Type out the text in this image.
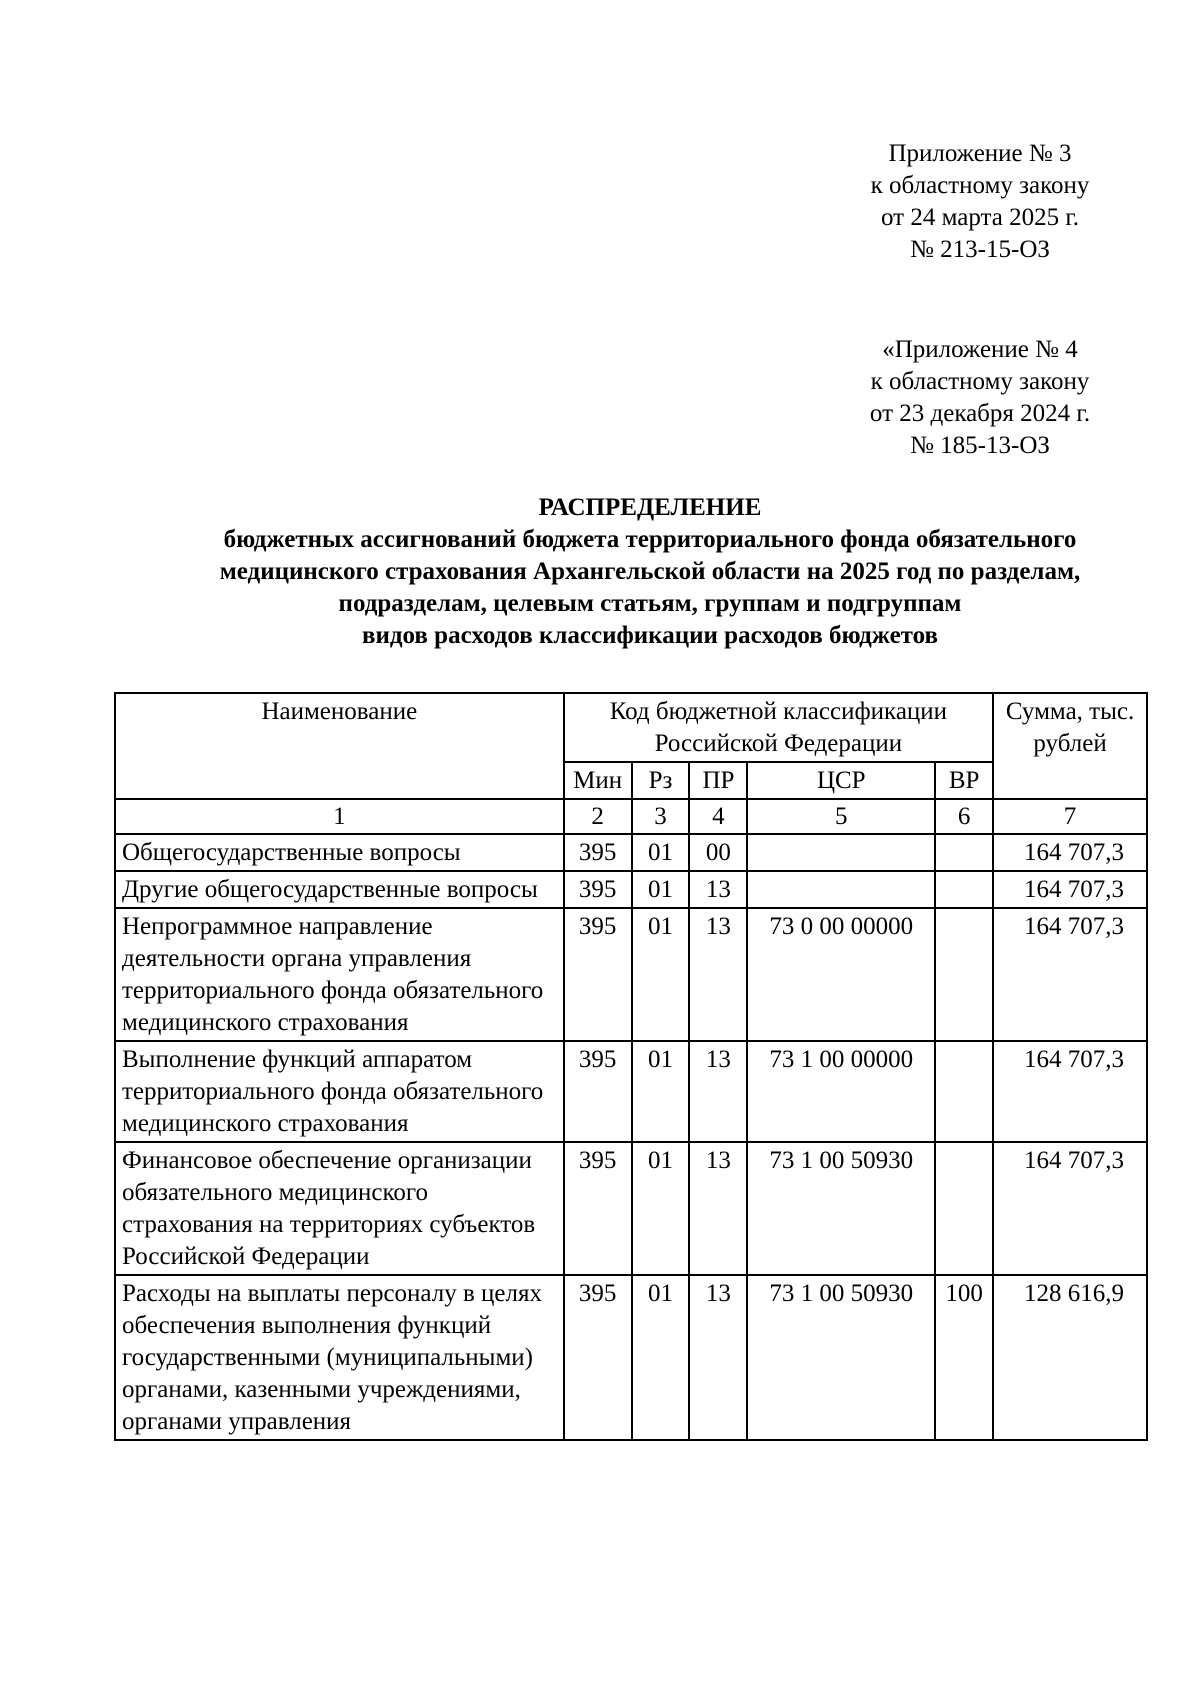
Приложение № 3
к областному закону
от 24 марта 2025 г.
№ 213-15-ОЗ
«Приложение № 4
к областному закону
от 23 декабря 2024 г.
№ 185-13-ОЗ
РАСПРЕДЕЛЕНИЕ
бюджетных ассигнований бюджета территориального фонда обязательного
медицинского страхования Архангельской области на 2025 год по разделам,
подразделам, целевым статьям, группам и подгруппам
видов расходов классификации расходов бюджетов
Наименование	Код бюджетной классификации Российской Федерации					Сумма, тыс. рублей
	Мин	Рз	ПР	ЦСР	ВР	
1	2	3	4	5	6	7
Общегосударственные вопросы	395	01	00			164 707,3
Другие общегосударственные вопросы	395	01	13			164 707,3
Непрограммное направление деятельности органа управления территориального фонда обязательного медицинского страхования	395	01	13	73 0 00 00000		164 707,3
Выполнение функций аппаратом территориального фонда обязательного медицинского страхования	395	01	13	73 1 00 00000		164 707,3
Финансовое обеспечение организации обязательного медицинского страхования на территориях субъектов Российской Федерации	395	01	13	73 1 00 50930		164 707,3
Расходы на выплаты персоналу в целях обеспечения выполнения функций государственными (муниципальными) органами, казенными учреждениями, органами управления	395	01	13	73 1 00 50930	100	128 616,9
